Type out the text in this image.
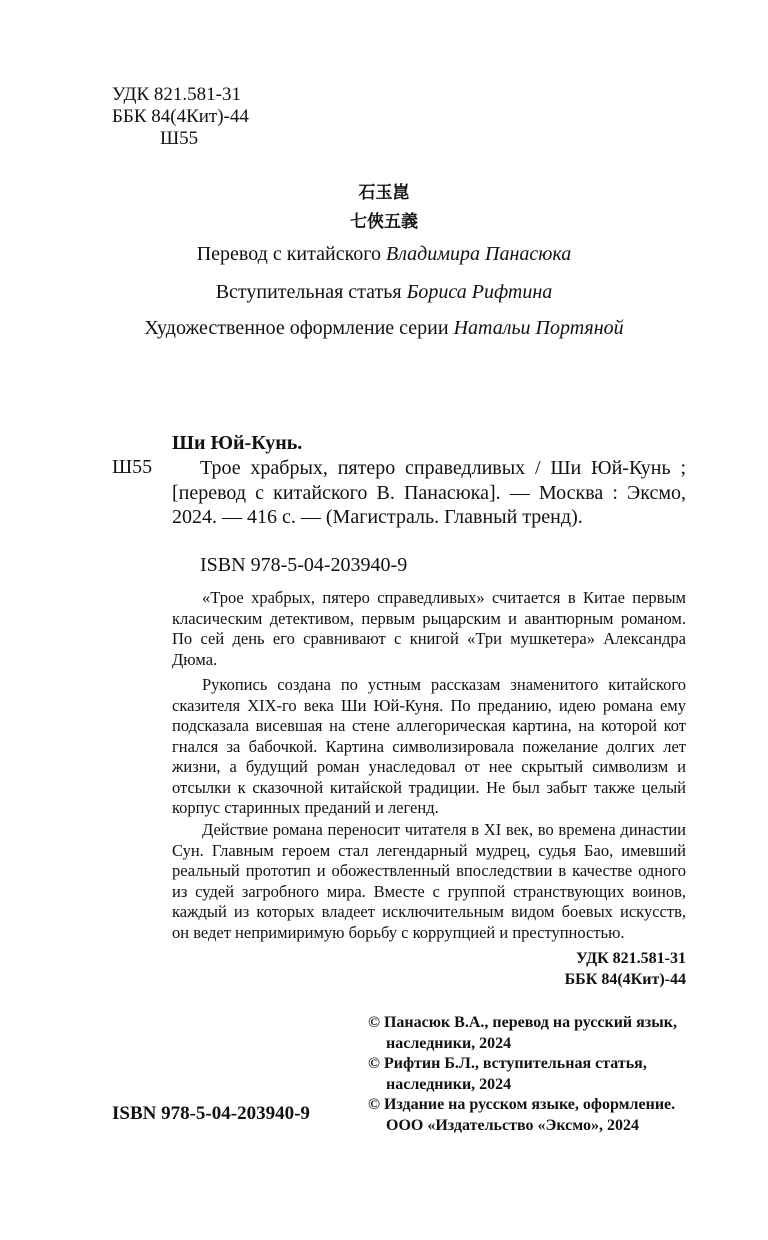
УДК 821.581-31
ББК 84(4Кит)-44
Ш55
石玉崑
七俠五義
Перевод с китайского Владимира Панасюка
Вступительная статья Бориса Рифтина
Художественное оформление серии Натальи Портяной
Ши Юй-Кунь.
Ш55	Трое храбрых, пятеро справедливых / Ши Юй-Кунь ; [перевод с китайского В. Панасюка]. — Москва : Эксмо, 2024. — 416 с. — (Магистраль. Главный тренд).
ISBN 978-5-04-203940-9

«Трое храбрых, пятеро справедливых» считается в Китае первым класическим детективом, первым рыцарским и авантюрным романом. По сей день его сравнивают с книгой «Три мушкетера» Александра Дюма.

Рукопись создана по устным рассказам знаменитого китайского сказителя XIX-го века Ши Юй-Куня. По преданию, идею романа ему подсказала висевшая на стене аллегорическая картина, на которой кот гнался за бабочкой. Картина символизировала пожелание долгих лет жизни, а будущий роман унаследовал от нее скрытый символизм и отсылки к сказочной китайской традиции. Не был забыт также целый корпус старинных преданий и легенд.

Действие романа переносит читателя в XI век, во времена династии Сун. Главным героем стал легендарный мудрец, судья Бао, имевший реальный прототип и обожествленный впоследствии в качестве одного из судей загробного мира. Вместе с группой странствующих воинов, каждый из которых владеет исключительным видом боевых искусств, он ведет непримиримую борьбу с коррупцией и преступностью.

УДК 821.581-31
ББК 84(4Кит)-44
© Панасюк В.А., перевод на русский язык, наследники, 2024
© Рифтин Б.Л., вступительная статья, наследники, 2024
© Издание на русском языке, оформление. ООО «Издательство «Эксмо», 2024
ISBN 978-5-04-203940-9
